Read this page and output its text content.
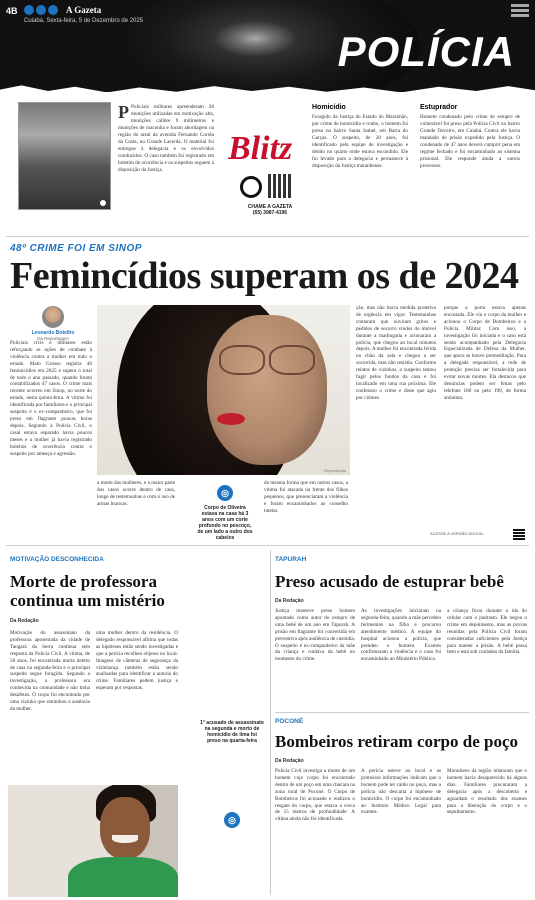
4B	A Gazeta
Cuiabá, Sexta-feira, 5 de Dezembro de 2025
POLÍCIA

P Policiais militares apreenderam 28 munições utilizadas em motivação alta, munições calibre 9 milímetros e munições de maconha e foram abordagem na região do areal da avenida Fernando Corrêa da Costa, no Grande Lacerda. O material foi entregue à delegacia e os envolvidos conduzidos. O caso também foi registrado em boletim de ocorrência e os suspeitos seguem à disposição da Justiça.

Blitz
CHAME A GAZETA
(65) 3987-4196
Homicídio

Foragido da Justiça do Estado do Maranhão, por crime de homicídio e roubo, o homem foi preso no bairro Santa Isabel, em Barra do Garças. O suspeito, de 28 anos, foi identificado pela equipe de investigação e detido no quarto onde estava escondido. Ele foi levado para a delegacia e permanece à disposição da Justiça maranhense.

Estuprador

Homem condenado pelo crime de estupro de vulnerável foi preso pela Polícia Civil no bairro Grande Terceiro, em Cuiabá. Contra ele havia mandado de prisão expedido pela Justiça. O condenado de 47 anos deverá cumprir pena em regime fechado e foi encaminhado ao sistema prisional. Ele responde ainda a outros processos.

48º CRIME FOI EM SINOP
Femincídios superam os de 2024
Leonardo Botelho
Da Reportagem

Policiais civis e militares estão reforçando as ações de combate à violência contra a mulher em todo o estado. Mato Grosso registra 48 feminicídios em 2025 e supera o total de todo o ano passado, quando foram contabilizados 47 casos. O crime mais recente ocorreu em Sinop, no norte do estado, nesta quinta-feira. A vítima foi identificada por familiares e o principal suspeito é o ex-companheiro, que foi preso em flagrante poucas horas depois. Segundo a Polícia Civil, o casal estava separado havia poucos meses e a mulher já havia registrado boletins de ocorrência contra o suspeito por ameaça e agressão.

Reprodução

a morte das mulheres, e a maior parte dos casos ocorre dentro de casa, longe de testemunhas e com o uso de armas brancas.

◎

Corpo de Oliveira estava na casa há 3 anos com um corte profundo no pescoço, de um lado a outro dos cabelos

da mesma forma que em outros casos, a vítima foi atacada na frente dos filhos pequenos, que presenciaram a violência e foram encaminhados ao conselho tutelar.

ção, mas não havia medida protetiva de urgência em vigor. Testemunhas contaram que ouviram gritos e pedidos de socorro vindos do imóvel durante a madrugada e acionaram a polícia, que chegou ao local minutos depois. A mulher foi encontrada ferida no chão da sala e chegou a ser socorrida, mas não resistiu. Conforme relatos de vizinhos, o suspeito tentou fugir pelos fundos da casa e foi localizado em uma rua próxima. Ele confessou o crime e disse que agiu por ciúmes.

porque a porta estava apenas encostada. Ele viu o corpo da mulher e acionou o Corpo de Bombeiros e a Polícia Militar. Com isso, a investigação foi iniciada e o caso está sendo acompanhado pela Delegacia Especializada de Defesa da Mulher, que apura se houve premeditação. Para a delegada responsável, a rede de proteção precisa ser fortalecida para evitar novas mortes. Ela destacou que denúncias podem ser feitas pelo telefone 180 ou pelo 190, de forma anônima.

ACESSE A VERSÃO DIGITAL
MOTIVAÇÃO DESCONHECIDA
Morte de professora continua um mistério
Da Redação

Motivação do assassinato da professora aposentada da cidade de Tangará da Serra continua sem resposta da Polícia Civil. A vítima, de 58 anos, foi encontrada morta dentro de casa na segunda-feira e o principal suspeito segue foragido. Segundo a investigação, a professora era conhecida na comunidade e não tinha desafetos. O corpo foi encontrado por uma vizinha que estranhou a ausência da mulher.

uma mulher dentro da residência. O delegado responsável afirma que todas as hipóteses estão sendo investigadas e que a perícia recolheu objetos no local. Imagens de câmeras de segurança da vizinhança também estão sendo analisadas para identificar a autoria do crime. Familiares pedem justiça e esperam por respostas.

1° acusado de assassinato na segunda e morto de homicídio de lima foi preso na quarta-feira

◎
TAPURAH
Preso acusado de estuprar bebê
Da Redação

Justiça manteve preso homem apontado como autor do estupro de uma bebê de um ano em Tapurah. A prisão em flagrante foi convertida em preventiva após audiência de custódia. O suspeito é ex-companheiro da mãe da criança e cuidava da bebê no momento do crime.

As investigações iniciaram na segunda-feira, quando a mãe percebeu ferimentos na filha e procurou atendimento médico. A equipe do hospital acionou a polícia, que prendeu o homem. Exames confirmaram a violência e o caso foi encaminhado ao Ministério Público.

a criança ficou durante a ida do celular com o padrasto. Ele negou o crime em depoimento, mas as provas reunidas pela Polícia Civil foram consideradas suficientes pela Justiça para manter a prisão. A bebê passa bem e está sob cuidados da família.

POCONÉ
Bombeiros retiram corpo de poço
Da Redação

Polícia Civil investiga a morte de um homem cujo corpo foi encontrado dentro de um poço em uma chácara na zona rural de Poconé. O Corpo de Bombeiros foi acionado e realizou o resgate do corpo, que estava a cerca de 15 metros de profundidade. A vítima ainda não foi identificada.

A perícia esteve no local e as primeiras informações indicam que o homem pode ter caído no poço, mas a polícia não descarta a hipótese de homicídio. O corpo foi encaminhado ao Instituto Médico Legal para exames.

Moradores da região relataram que o homem havia desaparecido há alguns dias. Familiares procuraram a delegacia após a descoberta e aguardam o resultado dos exames para a liberação do corpo e o sepultamento.
